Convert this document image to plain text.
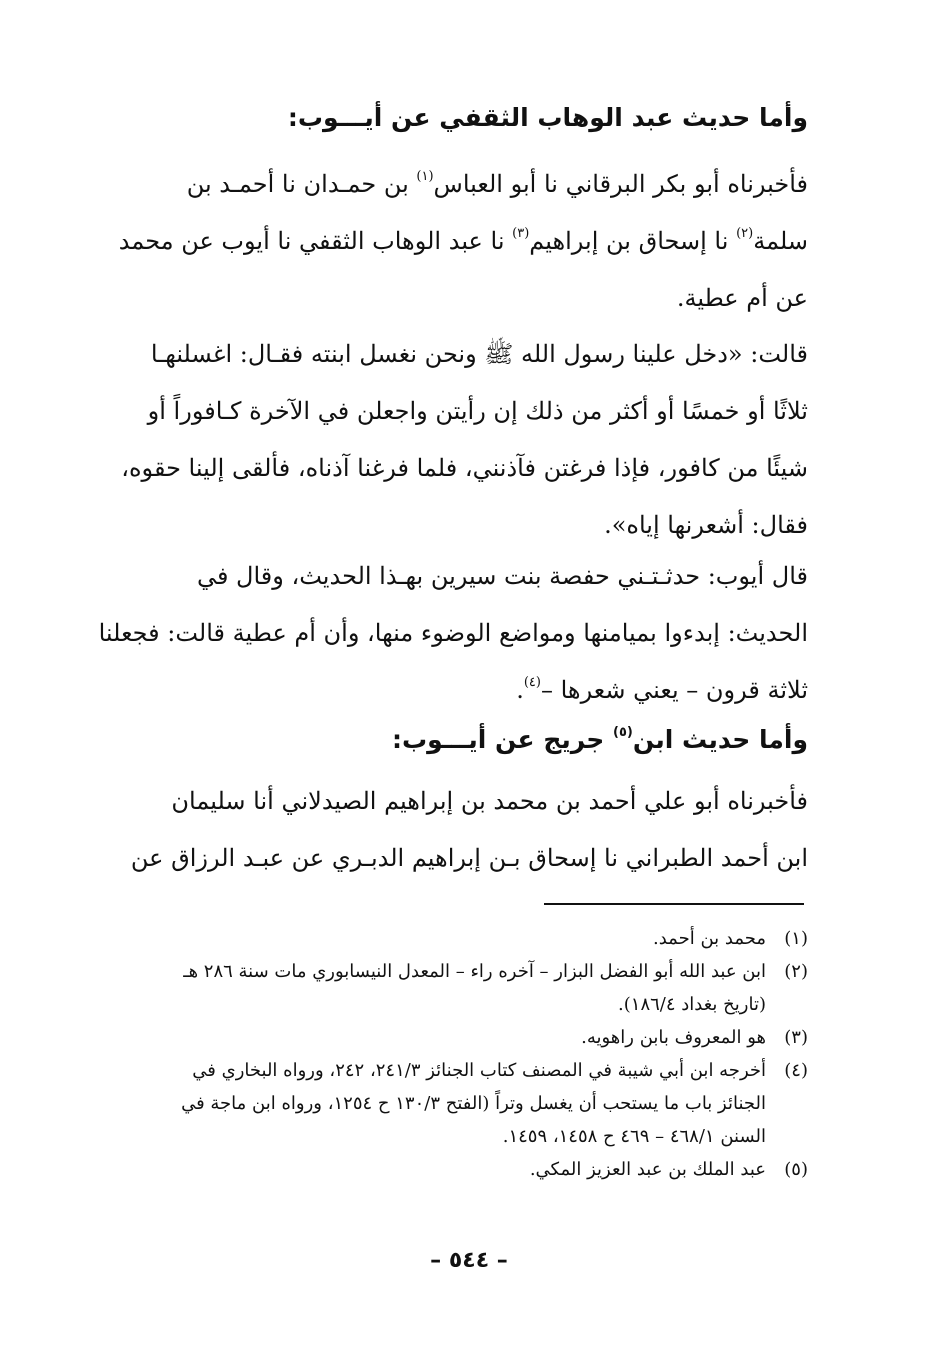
وأما حديث عبد الوهاب الثقفي عن أيـــوب:
فأخبرناه أبو بكر البرقاني نا أبو العباس$^{(١)}$ بن حمـدان نا أحمـد بن
سلمة$^{(٢)}$ نا إسحاق بن إبراهيم$^{(٣)}$ نا عبد الوهاب الثقفي نا أيوب عن محمد
عن أم عطية.
قالت: «دخل علينا رسول الله ﷺ ونحن نغسل ابنته فقـال: اغسلنهـا
ثلاثًا أو خمسًا أو أكثر من ذلك إن رأيتن واجعلن في الآخرة كـافوراً أو
شيئًا من كافور، فإذا فرغتن فآذنني، فلما فرغنا آذناه، فألقى إلينا حقوه،
فقال: أشعرنها إياه».
قال أيوب: حدثـتـني حفصة بنت سيرين بهـذا الحديث، وقال في
الحديث: إبدءوا بميامنها ومواضع الوضوء منها، وأن أم عطية قالت: فجعلنا
ثلاثة قرون – يعني شعرها –$^{(٤)}$.
وأما حديث ابن$^{(٥)}$ جريج عن أيـــوب:
فأخبرناه أبو علي أحمد بن محمد بن إبراهيم الصيدلاني أنا سليمان
ابن أحمد الطبراني نا إسحاق بـن إبراهيم الدبـري عن عبـد الرزاق عن
(١)
محمد بن أحمد.
(٢)
ابن عبد الله أبو الفضل البزار – آخره راء – المعدل النيسابوري مات سنة ٢٨٦ هـ
(تاريخ بغداد ١٨٦/٤).
(٣)
هو المعروف بابن راهويه.
(٤)
أخرجه ابن أبي شيبة في المصنف كتاب الجنائز ٢٤١/٣، ٢٤٢، ورواه البخاري في
الجنائز باب ما يستحب أن يغسل وتراً (الفتح ١٣٠/٣ ح ١٢٥٤، ورواه ابن ماجة في
السنن ٤٦٨/١ – ٤٦٩ ح ١٤٥٨، ١٤٥٩.
(٥)
عبد الملك بن عبد العزيز المكي.
– ٥٤٤ –
